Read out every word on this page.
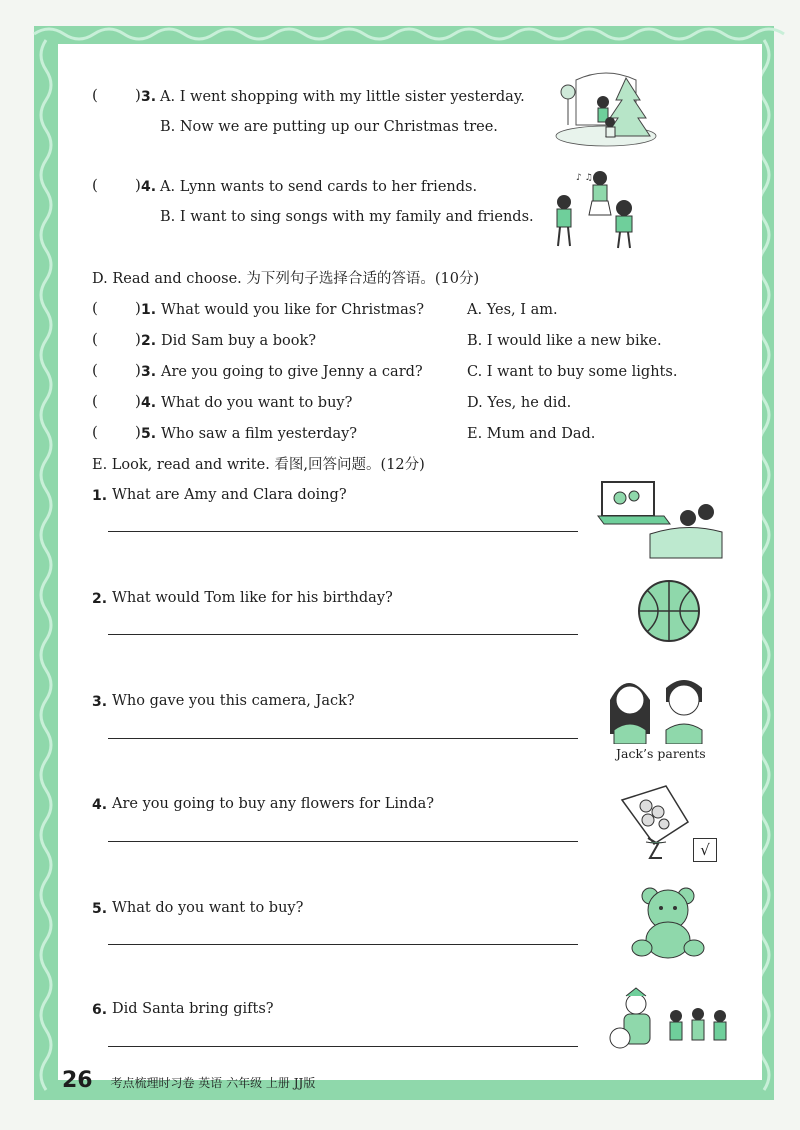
( ) 3. A. I went shopping with my little sister yesterday.
B. Now we are putting up our Christmas tree.
( ) 4. A. Lynn wants to send cards to her friends.
B. I want to sing songs with my family and friends.
♪ ♫
D. Read and choose. 为下列句子选择合适的答语。(10分)
( ) 1. What would you like for Christmas?	A. Yes, I am.
( ) 2. Did Sam buy a book?	B. I would like a new bike.
( ) 3. Are you going to give Jenny a card?	C. I want to buy some lights.
( ) 4. What do you want to buy?	D. Yes, he did.
( ) 5. Who saw a film yesterday?	E. Mum and Dad.
E. Look, read and write. 看图,回答问题。(12分)
1. What are Amy and Clara doing?
2. What would Tom like for his birthday?
3. Who gave you this camera, Jack?
Jack’s parents
4. Are you going to buy any flowers for Linda?
√
5. What do you want to buy?
6. Did Santa bring gifts?
26 考点梳理时习卷 英语 六年级 上册 JJ版
